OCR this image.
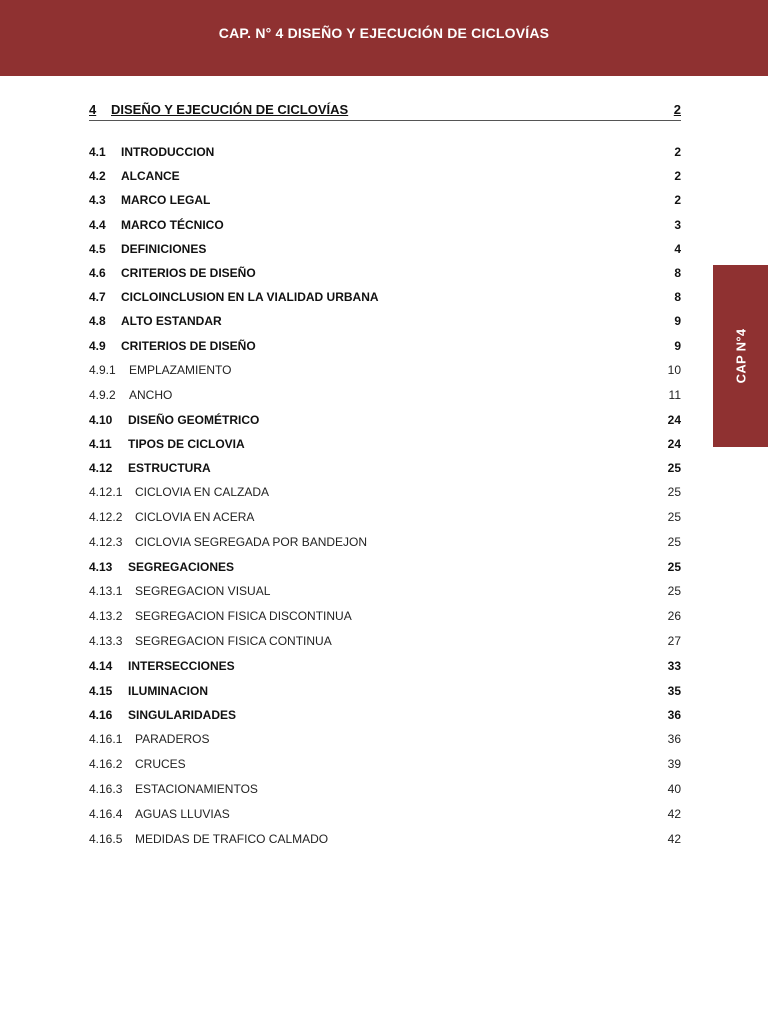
CAP. N° 4 DISEÑO Y EJECUCIÓN DE CICLOVÍAS
CAP N°4
4 DISEÑO Y EJECUCIÓN DE CICLOVÍAS	2
4.1 INTRODUCCION	2
4.2 ALCANCE	2
4.3 MARCO LEGAL	2
4.4 MARCO TÉCNICO	3
4.5 DEFINICIONES	4
4.6 CRITERIOS DE DISEÑO	8
4.7 CICLOINCLUSION EN LA VIALIDAD URBANA	8
4.8 ALTO ESTANDAR	9
4.9 CRITERIOS DE DISEÑO	9
4.9.1 EMPLAZAMIENTO	10
4.9.2 ANCHO	11
4.10 DISEÑO GEOMÉTRICO	24
4.11 TIPOS DE CICLOVIA	24
4.12 ESTRUCTURA	25
4.12.1 CICLOVIA EN CALZADA	25
4.12.2 CICLOVIA EN ACERA	25
4.12.3 CICLOVIA SEGREGADA POR BANDEJON	25
4.13 SEGREGACIONES	25
4.13.1 SEGREGACION VISUAL	25
4.13.2 SEGREGACION FISICA DISCONTINUA	26
4.13.3 SEGREGACION FISICA CONTINUA	27
4.14 INTERSECCIONES	33
4.15 ILUMINACION	35
4.16 SINGULARIDADES	36
4.16.1 PARADEROS	36
4.16.2 CRUCES	39
4.16.3 ESTACIONAMIENTOS	40
4.16.4 AGUAS LLUVIAS	42
4.16.5 MEDIDAS DE TRAFICO CALMADO	42
